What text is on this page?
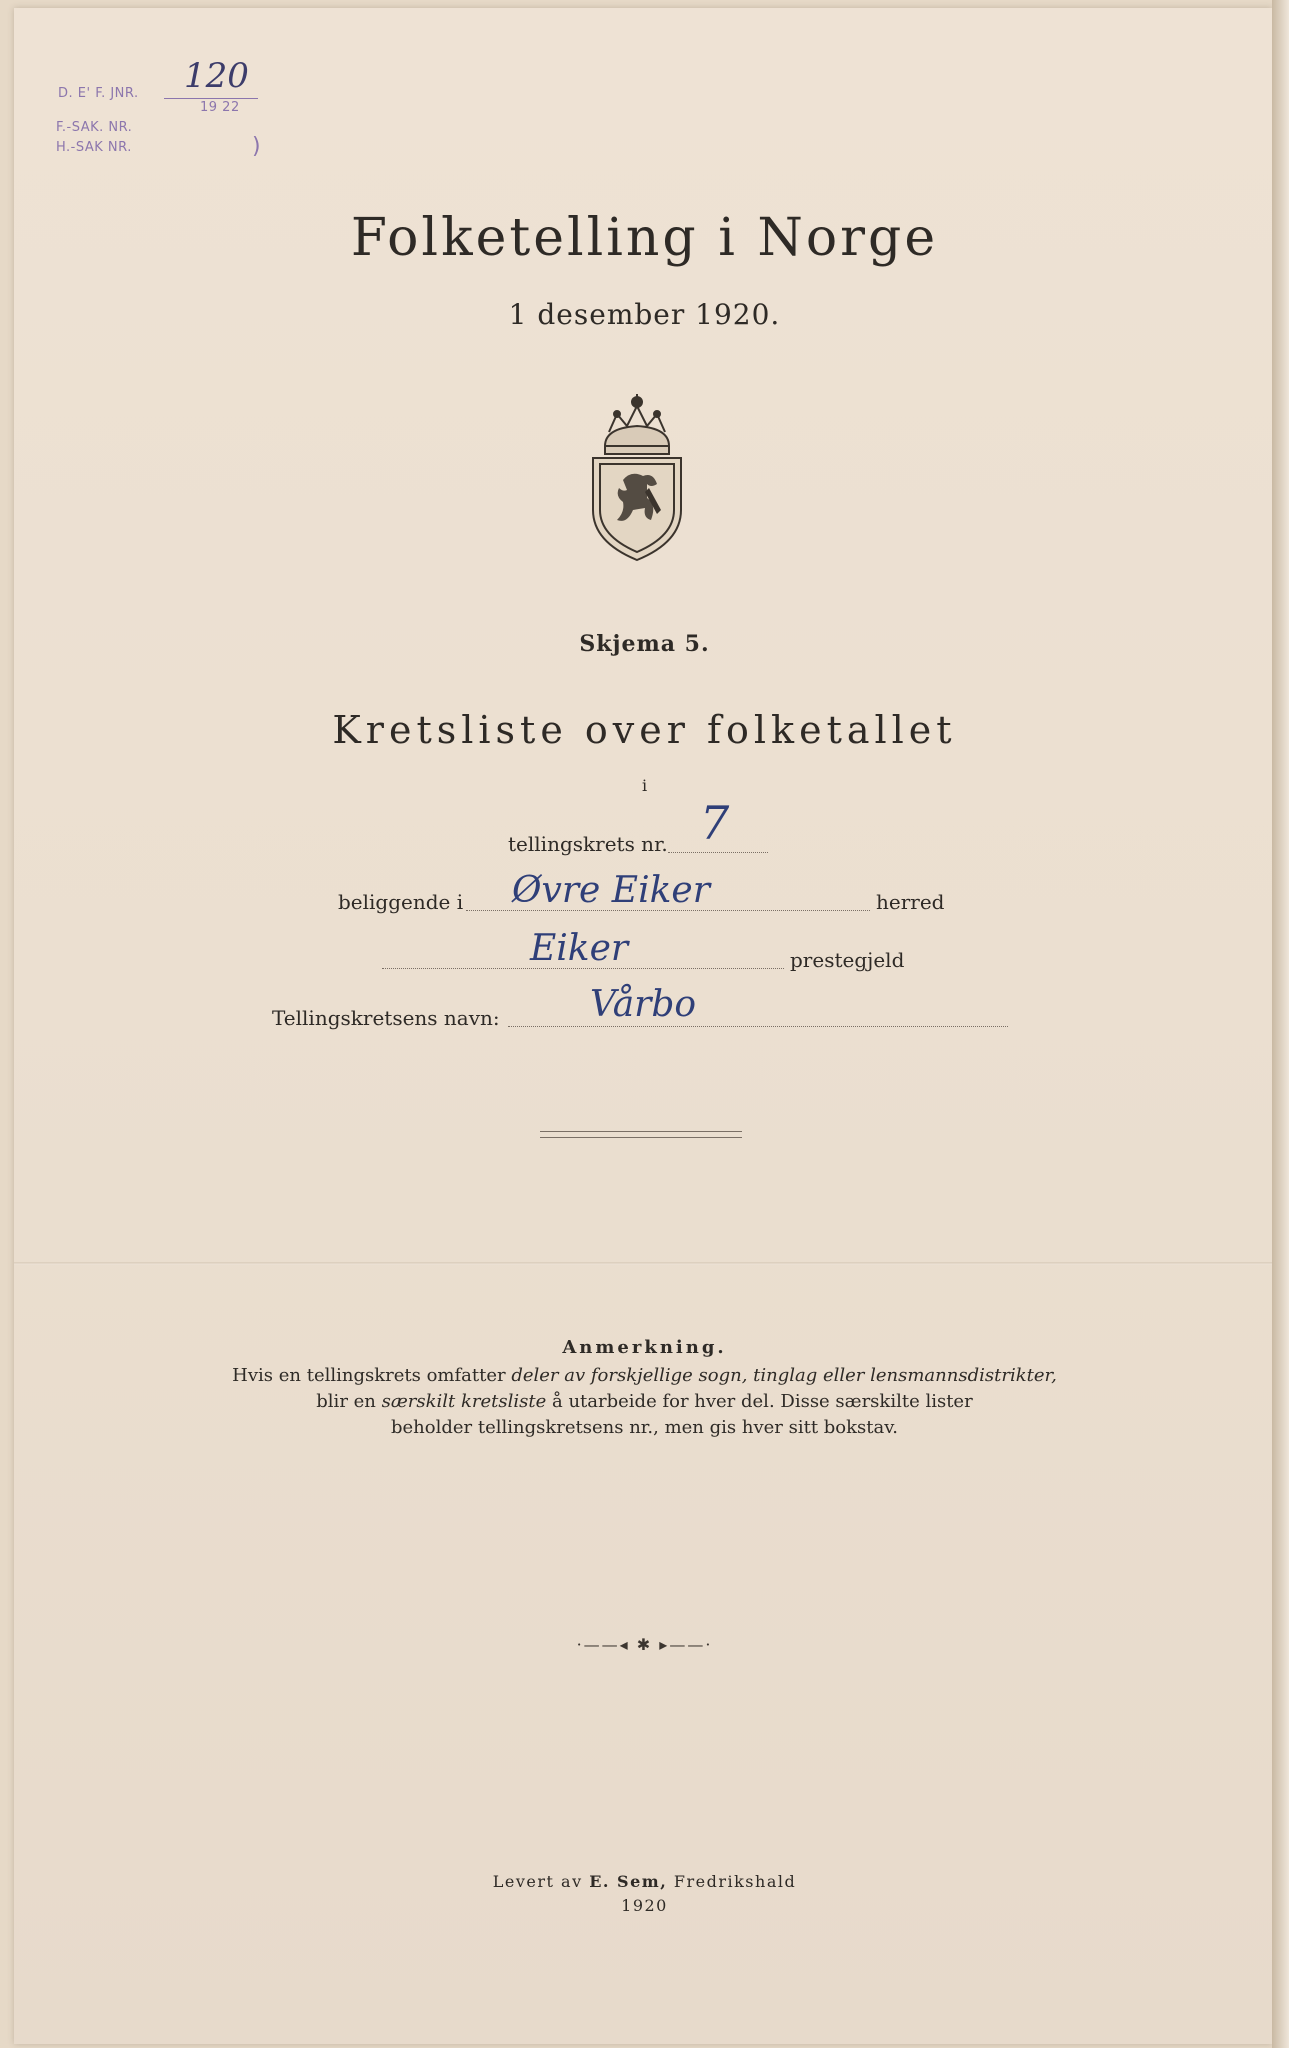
D. E' F. JNR. 120
19 22
F.-SAK. NR.
H.-SAK NR.	)
Folketelling i Norge
1 desember 1920.
Skjema 5.
Kretsliste over folketallet
i
tellingskrets nr. 7
beliggende i Øvre Eiker	herred
Eiker	prestegjeld
Tellingskretsens navn:	Vårbo
Anmerkning.
Hvis en tellingskrets omfatter deler av forskjellige sogn, tinglag eller lensmannsdistrikter,
blir en særskilt kretsliste å utarbeide for hver del. Disse særskilte lister
beholder tellingskretsens nr., men gis hver sitt bokstav.
·——◂ ✱ ▸——·
Levert av E. Sem, Fredrikshald
1920
